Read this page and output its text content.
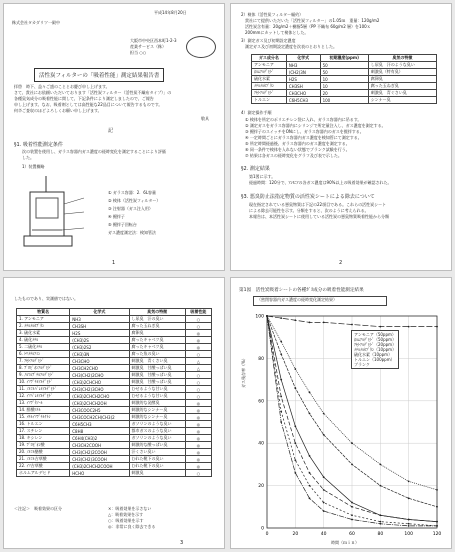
平成14年8月20日
株式会社タカダリツ一殿中
大阪市中央区西本町1-2-3
産業サービス（株）
担当 ○○
活性炭フィルターの「吸着性能」測定結果報告書
拝啓　時下、益々ご盛のこととお慶び申し上げます。
さて、貴社にお依頼いただいております「活性炭フィルター（活性炭不織布タイプ）」の
各種臭気成分の吸着性能に関して、下記条件により測定しましたので、ご報告
申し上げます。なお、吸着剤としては高性能な22品目について報告するものです。
何卒ご査収のほどよろしくお願い申し上げます。
敬具
記
§1. 吸着性能測定条件
次の装置を使用し、ガラス容器内ガス濃度の経時変化を測定することにより評価
した。
1）装置概略
① ガラス容器：2．6L容量
② 検体（活性炭フィルター）
③ 注射器（ガス注入用）
④ 攪拌子
⑤ 攪拌子回転台
ガス濃度測定法：検知管法
1
2）検体（活性炭フィルター幅約）
　貴社にて提供いただいた「活性炭フィルター」の1.05ｍ　重量：120g/m2
　活性炭含有量：20g/m2＋樹脂5層（PP 不織布 60g/m2 層）を100ｘ
　200mmにカットして検体とした。
3）測定ガス及び初期設定濃度
　測定ガス及び初期設定濃度を次表のとおりとした。
ガス成分名	化学式	初期濃度(ppm)	臭気の特徴
アンモニア	NH3	50	し尿臭　汗のような臭い
ﾎﾙﾑｱﾙﾃﾞﾋﾄﾞ	(CH2)3N	50	刺激臭（特有臭）
硫化水素	H2S	10	腐卵臭
ﾒﾁﾙﾒﾙｶﾌﾟﾀﾝ	CH3SH	10	腐った玉ねぎ臭
ｱｾﾄｱﾙﾃﾞﾋﾄﾞ	CH3CHO	20	刺激臭　青ぐさい臭
トルエン	C6H5CH3	100	シンナー臭
4）測定操作手順
① 検体を所定のポリエチレン袋に入れ、ガラス容器内に吊るす。
② 測定ガスをガラス容器内にシリンジで所定量注入し、ガス濃度を測定する。
③ 攪拌子のスイッチをONにし、ガラス容器内のガスを撹拌する。
④ 一定時間ごとにガラス容器内ガス濃度を検知管にて測定する。
⑤ 所定時間経過後、ガラス容器内のガス濃度を測定する。
⑥ 同一条件で検体を入れない状態でブランク試験を行う。
⑦ 結果は各ガスの経時変化をグラフ及び表で示した。
§2. 測定結果
第1図に示す。
経過時間：120分で、ｱﾝﾓﾆｱの各ガス濃度は90%以上の吸着効果が確認された。
§3. 悪臭防止法指定物質の活性炭シートによる除去について
現在指定されている悪臭物質は下記の22項目である。これらの活性炭シート
による除去可能性を示す。分類をすると、次のように考えられる。
本報告は、本活性炭シートに使用している活性炭の悪臭物質吸着性能から分類
2
したものであり、実測値ではない。
物質名	化学式	臭気の特徴	吸着性能
1. アンモニア	NH3	し尿臭　汗の臭い	○
2. ﾒﾁﾙﾒﾙｶﾌﾟﾀﾝ	CH3SH	腐った玉ねぎ臭	○
3. 硫化水素	H2S	腐卵臭	◎
4. 硫化ﾒﾁﾙ	(CH3)2S	腐ったキャベツ臭	◎
5. 二硫化ﾒﾁﾙ	(CH3)2S2	腐ったキャベツ臭	◎
6. ﾄﾘﾒﾁﾙｱﾐﾝ	(CH3)3N	腐った魚の臭い	○
7. ｱｾﾄｱﾙﾃﾞﾋﾄﾞ	CH3CHO	刺激臭　青くさい臭	△
8. ﾌﾟﾛﾋﾟｵﾝｱﾙﾃﾞﾋﾄﾞ	CH3CH2CHO	刺激臭　甘酸っぱい臭	△
9. ﾉﾙﾏﾙﾌﾞﾁﾙｱﾙﾃﾞﾋﾄﾞ	CH3(CH2)2CHO	刺激臭　甘酸っぱい臭	○
10. ｲｿﾌﾞﾁﾙｱﾙﾃﾞﾋﾄﾞ	(CH3)2CHCHO	刺激臭　甘酸っぱい臭	○
11. ﾉﾙﾏﾙﾊﾞﾚﾙｱﾙﾃﾞﾋﾄﾞ	CH3(CH2)3CHO	むせるような甘い臭	○
12. ｲｿﾊﾞﾚﾙｱﾙﾃﾞﾋﾄﾞ	(CH3)2CHCH2CHO	むせるような甘い臭	○
13. ｲｿﾌﾞﾀﾉｰﾙ	(CH3)2CHCH2OH	刺激的な発酵臭	◎
14. 酢酸ｴﾁﾙ	CH3COOC2H5	刺激的なシンナー臭	◎
15. ﾒﾁﾙｲｿﾌﾞﾁﾙｹﾄﾝ	CH3COCH2CH(CH3)2	刺激的なシンナー臭	◎
16. トルエン	C6H5CH3	ガソリンのような臭い	◎
17. スチレン	C8H8	都市ガスのような臭い	◎
18. キシレン	C6H4(CH3)2	ガソリンのような臭い	◎
19. ﾌﾟﾛﾋﾟｵﾝ酸	CH3CH2COOH	刺激的な酸っぱい臭	◎
20. ﾉﾙﾏﾙ酪酸	CH3(CH2)2COOH	汗くさい臭い	◎
21. ﾉﾙﾏﾙ吉草酸	CH3(CH2)3COOH	むれた靴下の臭い	◎
22. ｲｿ吉草酸	(CH3)2CHCH2COOH	むれた靴下の臭い	◎
ホルムアルデヒド	HCHO	刺激臭	○
＜注記＞　吸着効果の区分	×：吸着効果を示さない
△：吸着効果を示す
○：吸着効果を示す
◎：非常に良く除去できる
3
第1図　活性炭吸着シートの各種ｶﾞｽ成分の吸着性能測定結果
（密閉容器内ガス濃度の経時変化測定結果）
ガス残存率（%）
0
20
40
60
80
100
0	20	40	60	80	100	120
アンモニア（50ppm）
ﾎﾙﾑｱﾙﾃﾞﾋﾄﾞ（50ppm）
ｱｾﾄｱﾙﾃﾞﾋﾄﾞ（20ppm）
ﾒﾁﾙﾒﾙｶﾌﾟﾀﾝ（10ppm）
硫化水素（10ppm）
トルエン（100ppm）
ブランク
時間（ｍｉｎ）
